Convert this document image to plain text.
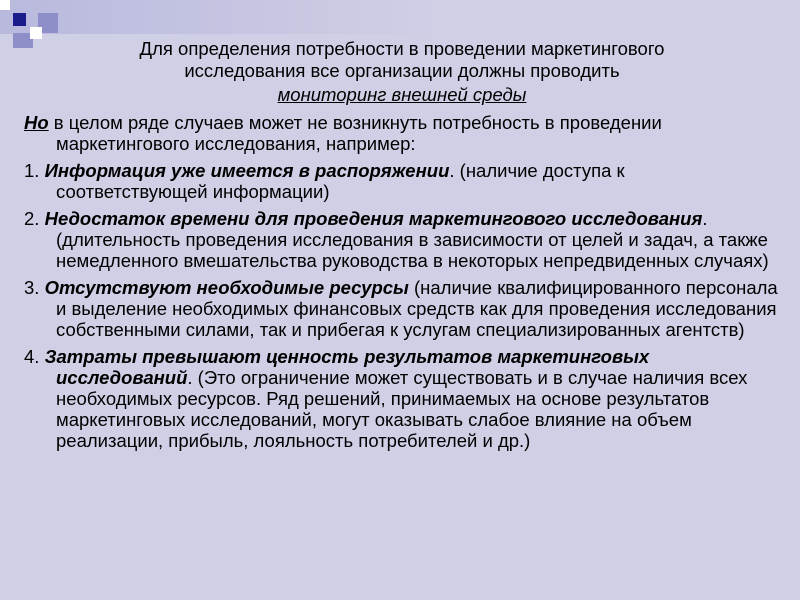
Для определения потребности в проведении маркетингового
исследования все организации должны проводить
мониторинг внешней среды
Но в целом ряде случаев может не возникнуть потребность в проведении маркетингового исследования, например:
1. Информация уже имеется в распоряжении. (наличие доступа к соответствующей информации)
2. Недостаток времени для проведения маркетингового исследования. (длительность проведения исследования в зависимости от целей и задач, а также немедленного вмешательства руководства в некоторых непредвиденных случаях)
3. Отсутствуют необходимые ресурсы (наличие квалифицированного персонала и выделение необходимых финансовых средств как для проведения исследования собственными силами, так и прибегая к услугам специализированных агентств)
4. Затраты превышают ценность результатов маркетинговых исследований. (Это ограничение может существовать и в случае наличия всех необходимых ресурсов. Ряд решений, принимаемых на основе результатов маркетинговых исследований, могут оказывать слабое влияние на объем реализации, прибыль, лояльность потребителей и др.)
